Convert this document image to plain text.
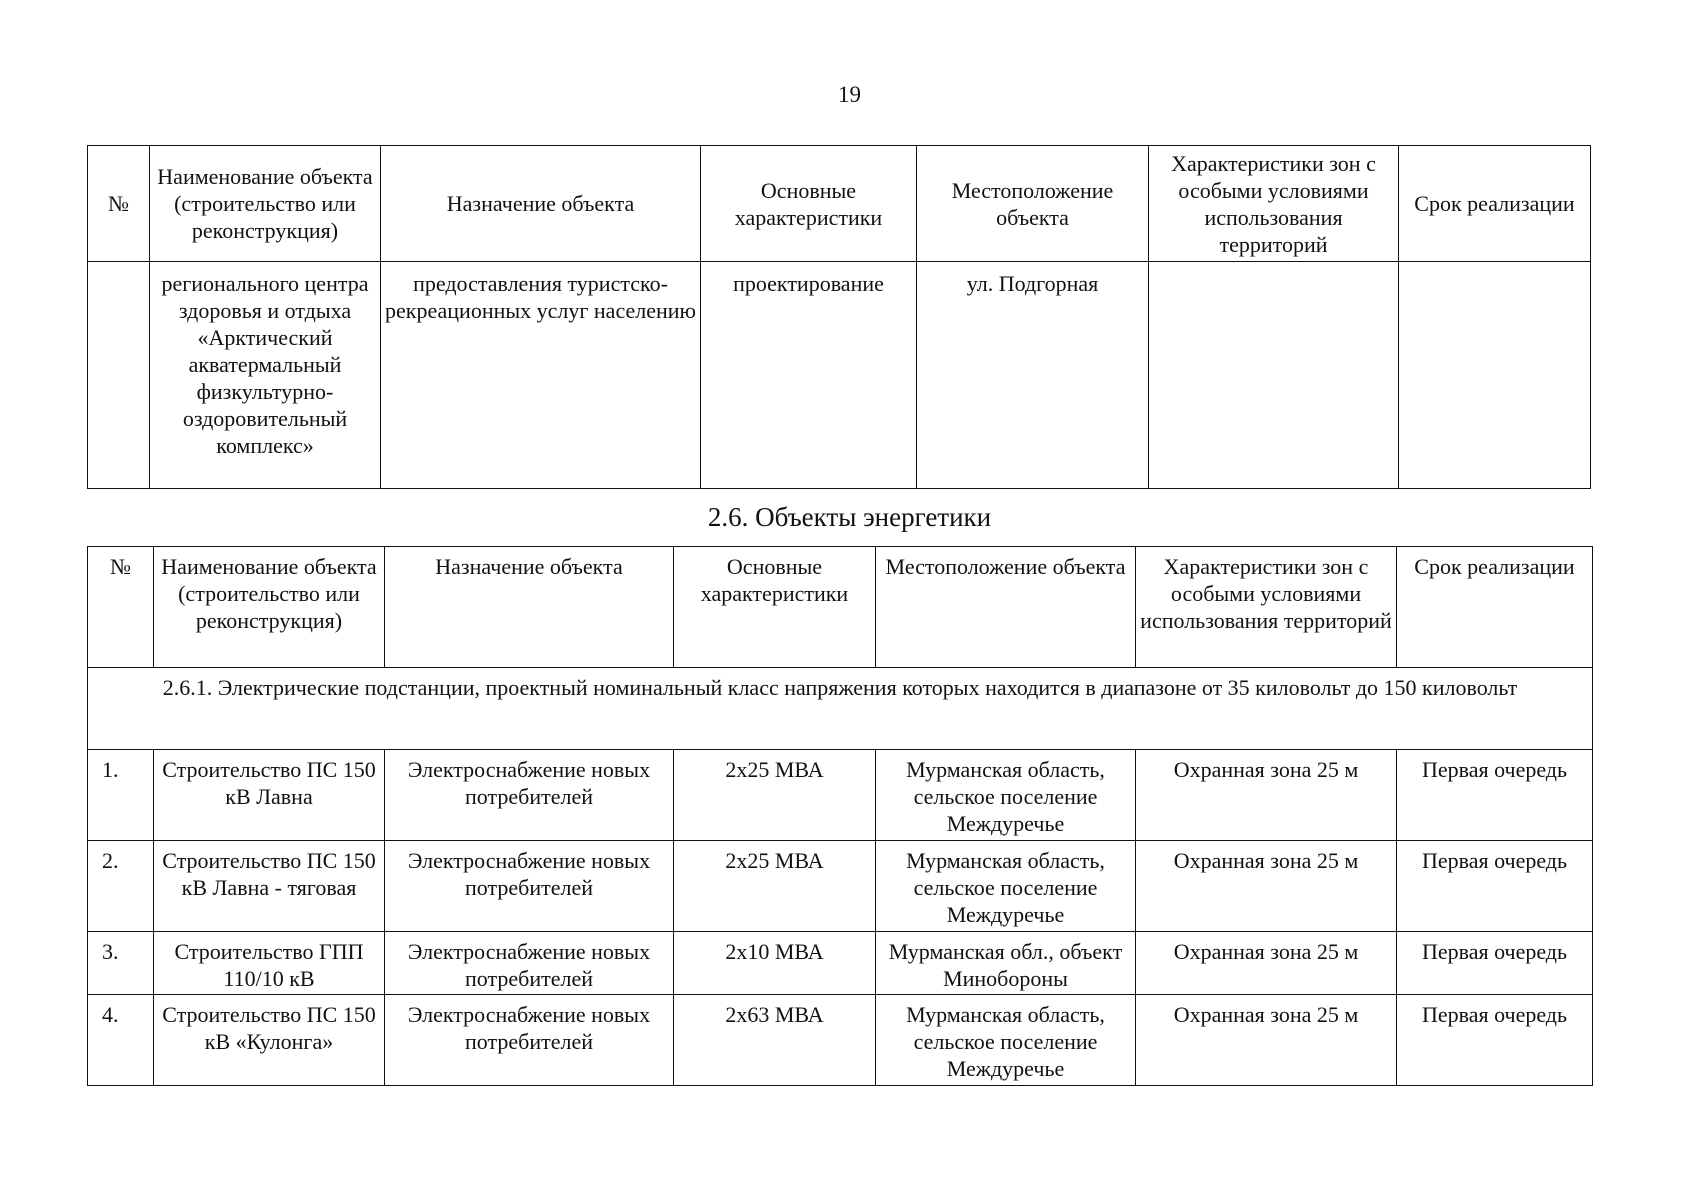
19
№	Наименование объекта (строительство или реконструкция)	Назначение объекта	Основные характеристики	Местоположение объекта	Характеристики зон с особыми условиями использования территорий	Срок реализации
	регионального центра здоровья и отдыха «Арктический акватермальный физкультурно-оздоровительный комплекс»	предоставления туристско-рекреационных услуг населению	проектирование	ул. Подгорная		
2.6. Объекты энергетики
№	Наименование объекта (строительство или реконструкция)	Назначение объекта	Основные характеристики	Местоположение объекта	Характеристики зон с особыми условиями использования территорий	Срок реализации
2.6.1. Электрические подстанции, проектный номинальный класс напряжения которых находится в диапазоне от 35 киловольт до 150 киловольт						
1.	Строительство ПС 150 кВ Лавна	Электроснабжение новых потребителей	2х25 МВА	Мурманская область, сельское поселение Междуречье	Охранная зона 25 м	Первая очередь
2.	Строительство ПС 150 кВ Лавна - тяговая	Электроснабжение новых потребителей	2х25 МВА	Мурманская область, сельское поселение Междуречье	Охранная зона 25 м	Первая очередь
3.	Строительство ГПП 110/10 кВ	Электроснабжение новых потребителей	2х10 МВА	Мурманская обл., объект Минобороны	Охранная зона 25 м	Первая очередь
4.	Строительство ПС 150 кВ «Кулонга»	Электроснабжение новых потребителей	2х63 МВА	Мурманская область, сельское поселение Междуречье	Охранная зона 25 м	Первая очередь
